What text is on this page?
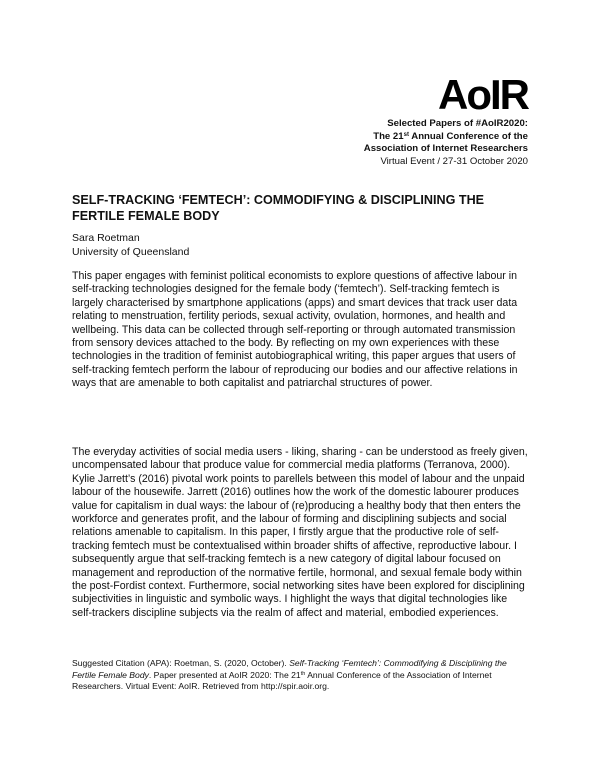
AoIR
Selected Papers of #AoIR2020:
The 21st Annual Conference of the
Association of Internet Researchers
Virtual Event / 27-31 October 2020
SELF-TRACKING ‘FEMTECH’: COMMODIFYING & DISCIPLINING THE FERTILE FEMALE BODY
Sara Roetman
University of Queensland

This paper engages with feminist political economists to explore questions of affective labour in self-tracking technologies designed for the female body (‘femtech’). Self-tracking femtech is largely characterised by smartphone applications (apps) and smart devices that track user data relating to menstruation, fertility periods, sexual activity, ovulation, hormones, and health and wellbeing. This data can be collected through self-reporting or through automated transmission from sensory devices attached to the body. By reflecting on my own experiences with these technologies in the tradition of feminist autobiographical writing, this paper argues that users of self-tracking femtech perform the labour of reproducing our bodies and our affective relations in ways that are amenable to both capitalist and patriarchal structures of power.

The everyday activities of social media users - liking, sharing - can be understood as freely given, uncompensated labour that produce value for commercial media platforms (Terranova, 2000). Kylie Jarrett’s (2016) pivotal work points to parellels between this model of labour and the unpaid labour of the housewife. Jarrett (2016) outlines how the work of the domestic labourer produces value for capitalism in dual ways: the labour of (re)producing a healthy body that then enters the workforce and generates profit, and the labour of forming and disciplining subjects and social relations amenable to capitalism. In this paper, I firstly argue that the productive role of self-tracking femtech must be contextualised within broader shifts of affective, reproductive labour. I subsequently argue that self-tracking femtech is a new category of digital labour focused on management and reproduction of the normative fertile, hormonal, and sexual female body within the post-Fordist context. Furthermore, social networking sites have been explored for disciplining subjectivities in linguistic and symbolic ways. I highlight the ways that digital technologies like self-trackers discipline subjects via the realm of affect and material, embodied experiences.

Suggested Citation (APA): Roetman, S. (2020, October). Self-Tracking ‘Femtech’: Commodifying & Disciplining the Fertile Female Body. Paper presented at AoIR 2020: The 21th Annual Conference of the Association of Internet Researchers. Virtual Event: AoIR. Retrieved from http://spir.aoir.org.
